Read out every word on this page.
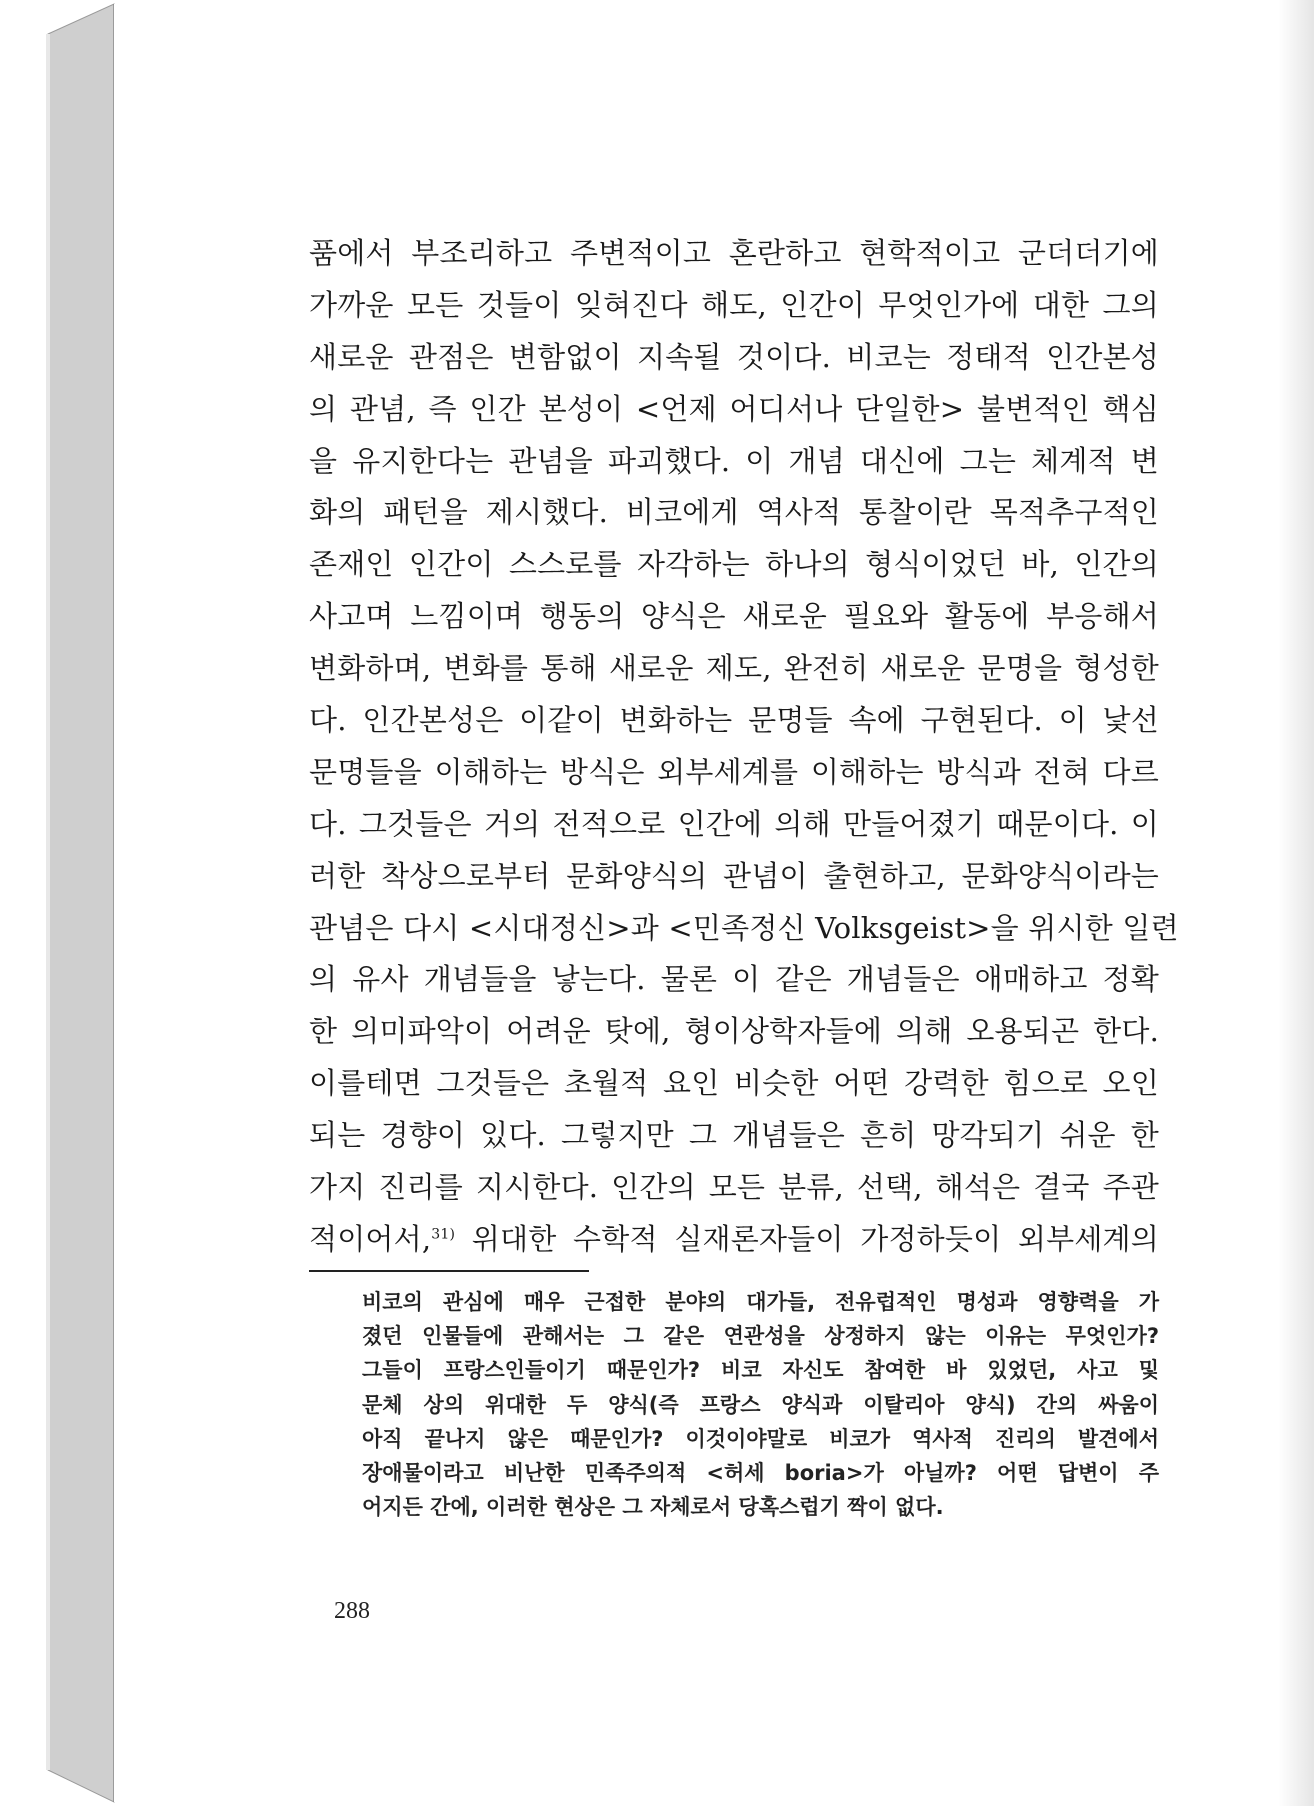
품에서 부조리하고 주변적이고 혼란하고 현학적이고 군더더기에
가까운 모든 것들이 잊혀진다 해도, 인간이 무엇인가에 대한 그의
새로운 관점은 변함없이 지속될 것이다. 비코는 정태적 인간본성
의 관념, 즉 인간 본성이 <언제 어디서나 단일한> 불변적인 핵심
을 유지한다는 관념을 파괴했다. 이 개념 대신에 그는 체계적 변
화의 패턴을 제시했다. 비코에게 역사적 통찰이란 목적추구적인
존재인 인간이 스스로를 자각하는 하나의 형식이었던 바, 인간의
사고며 느낌이며 행동의 양식은 새로운 필요와 활동에 부응해서
변화하며, 변화를 통해 새로운 제도, 완전히 새로운 문명을 형성한
다. 인간본성은 이같이 변화하는 문명들 속에 구현된다. 이 낯선
문명들을 이해하는 방식은 외부세계를 이해하는 방식과 전혀 다르
다. 그것들은 거의 전적으로 인간에 의해 만들어졌기 때문이다. 이
러한 착상으로부터 문화양식의 관념이 출현하고, 문화양식이라는
관념은 다시 <시대정신>과 <민족정신 Volksgeist>을 위시한 일련
의 유사 개념들을 낳는다. 물론 이 같은 개념들은 애매하고 정확
한 의미파악이 어려운 탓에, 형이상학자들에 의해 오용되곤 한다.
이를테면 그것들은 초월적 요인 비슷한 어떤 강력한 힘으로 오인
되는 경향이 있다. 그렇지만 그 개념들은 흔히 망각되기 쉬운 한
가지 진리를 지시한다. 인간의 모든 분류, 선택, 해석은 결국 주관
적이어서,$^{31)}$ 위대한 수학적 실재론자들이 가정하듯이 외부세계의
비코의 관심에 매우 근접한 분야의 대가들, 전유럽적인 명성과 영향력을 가
졌던 인물들에 관해서는 그 같은 연관성을 상정하지 않는 이유는 무엇인가?
그들이 프랑스인들이기 때문인가? 비코 자신도 참여한 바 있었던, 사고 및
문체 상의 위대한 두 양식(즉 프랑스 양식과 이탈리아 양식) 간의 싸움이
아직 끝나지 않은 때문인가? 이것이야말로 비코가 역사적 진리의 발견에서
장애물이라고 비난한 민족주의적 <허세 boria>가 아닐까? 어떤 답변이 주
어지든 간에, 이러한 현상은 그 자체로서 당혹스럽기 짝이 없다.
288
